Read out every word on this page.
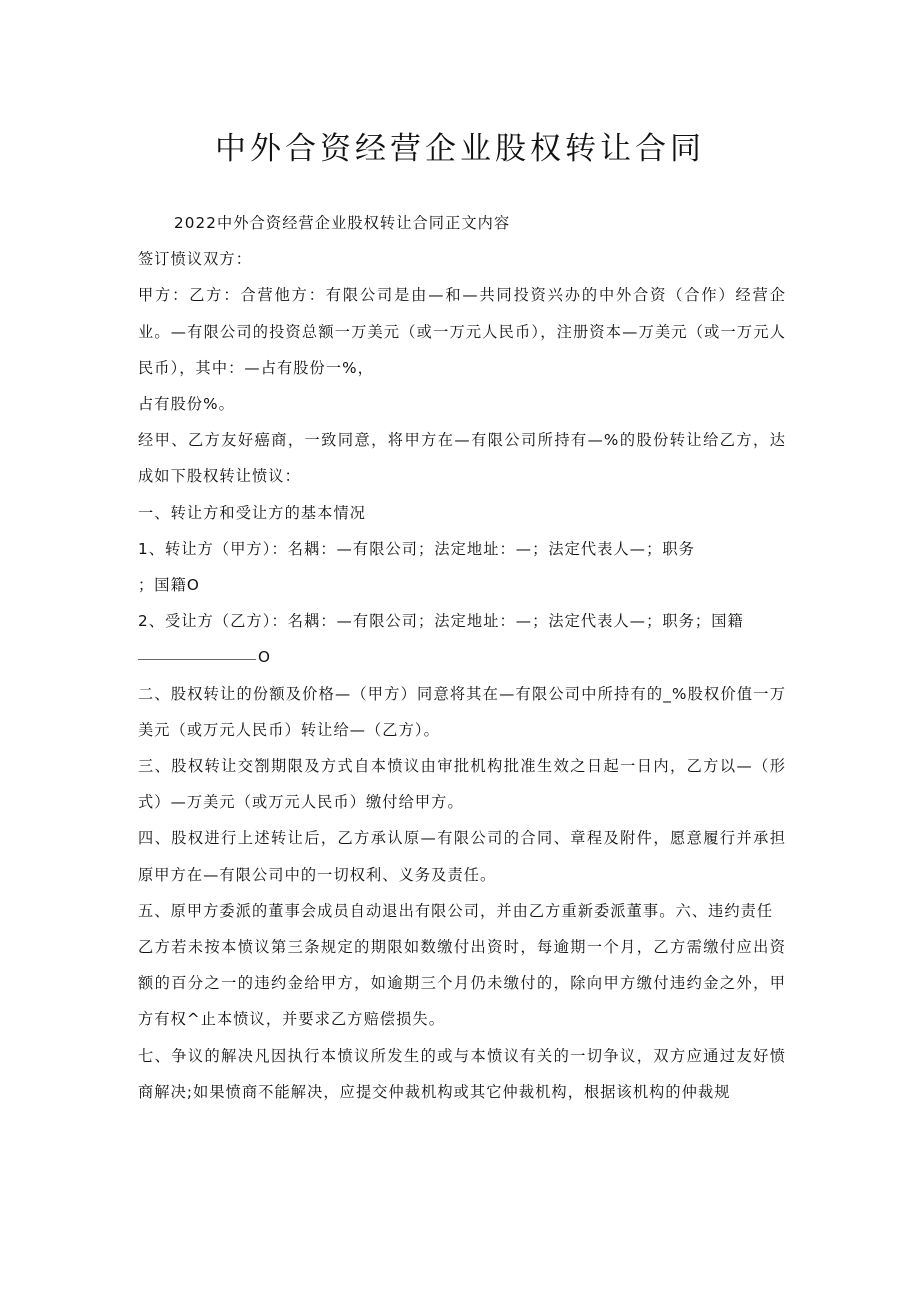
中外合资经营企业股权转让合同

2022中外合资经营企业股权转让合同正文内容

签订愤议双方：

甲方：乙方：合营他方：有限公司是由—和—共同投资兴办的中外合资（合作）经营企业。—有限公司的投资总额一万美元（或一万元人民币），注册资本—万美元（或一万元人民币），其中：—占有股份一%，

占有股份%。

经甲、乙方友好癌商，一致同意，将甲方在—有限公司所持有—%的股份转让给乙方，达成如下股权转让愤议：

一、转让方和受让方的基本情况

1、转让方（甲方）：名耦：—有限公司；法定地址：—；法定代表人—；职务

；国籍O

2、受让方（乙方）：名耦：—有限公司；法定地址：—；法定代表人—；职务；国籍

O

二、股权转让的份额及价格—（甲方）同意将其在—有限公司中所持有的_%股权价值一万美元（或万元人民币）转让给—（乙方）。

三、股权转让交劄期限及方式自本愤议由审批机构批准生效之日起一日内，乙方以—（形式）—万美元（或万元人民币）缴付给甲方。

四、股权进行上述转让后，乙方承认原—有限公司的合同、章程及附件，愿意履行并承担原甲方在—有限公司中的一切权利、义务及责任。

五、原甲方委派的董事会成员自动退出有限公司，并由乙方重新委派董事。六、违约责任

乙方若未按本愤议第三条规定的期限如数缴付出资时，每逾期一个月，乙方需缴付应出资额的百分之一的违约金给甲方，如逾期三个月仍未缴付的，除向甲方缴付违约金之外，甲方有权^止本愤议，并要求乙方赔偿损失。

七、争议的解决凡因执行本愤议所发生的或与本愤议有关的一切争议，双方应通过友好愤商解决;如果愤商不能解决，应提交仲裁机构或其它仲裁机构，根据该机构的仲裁规
